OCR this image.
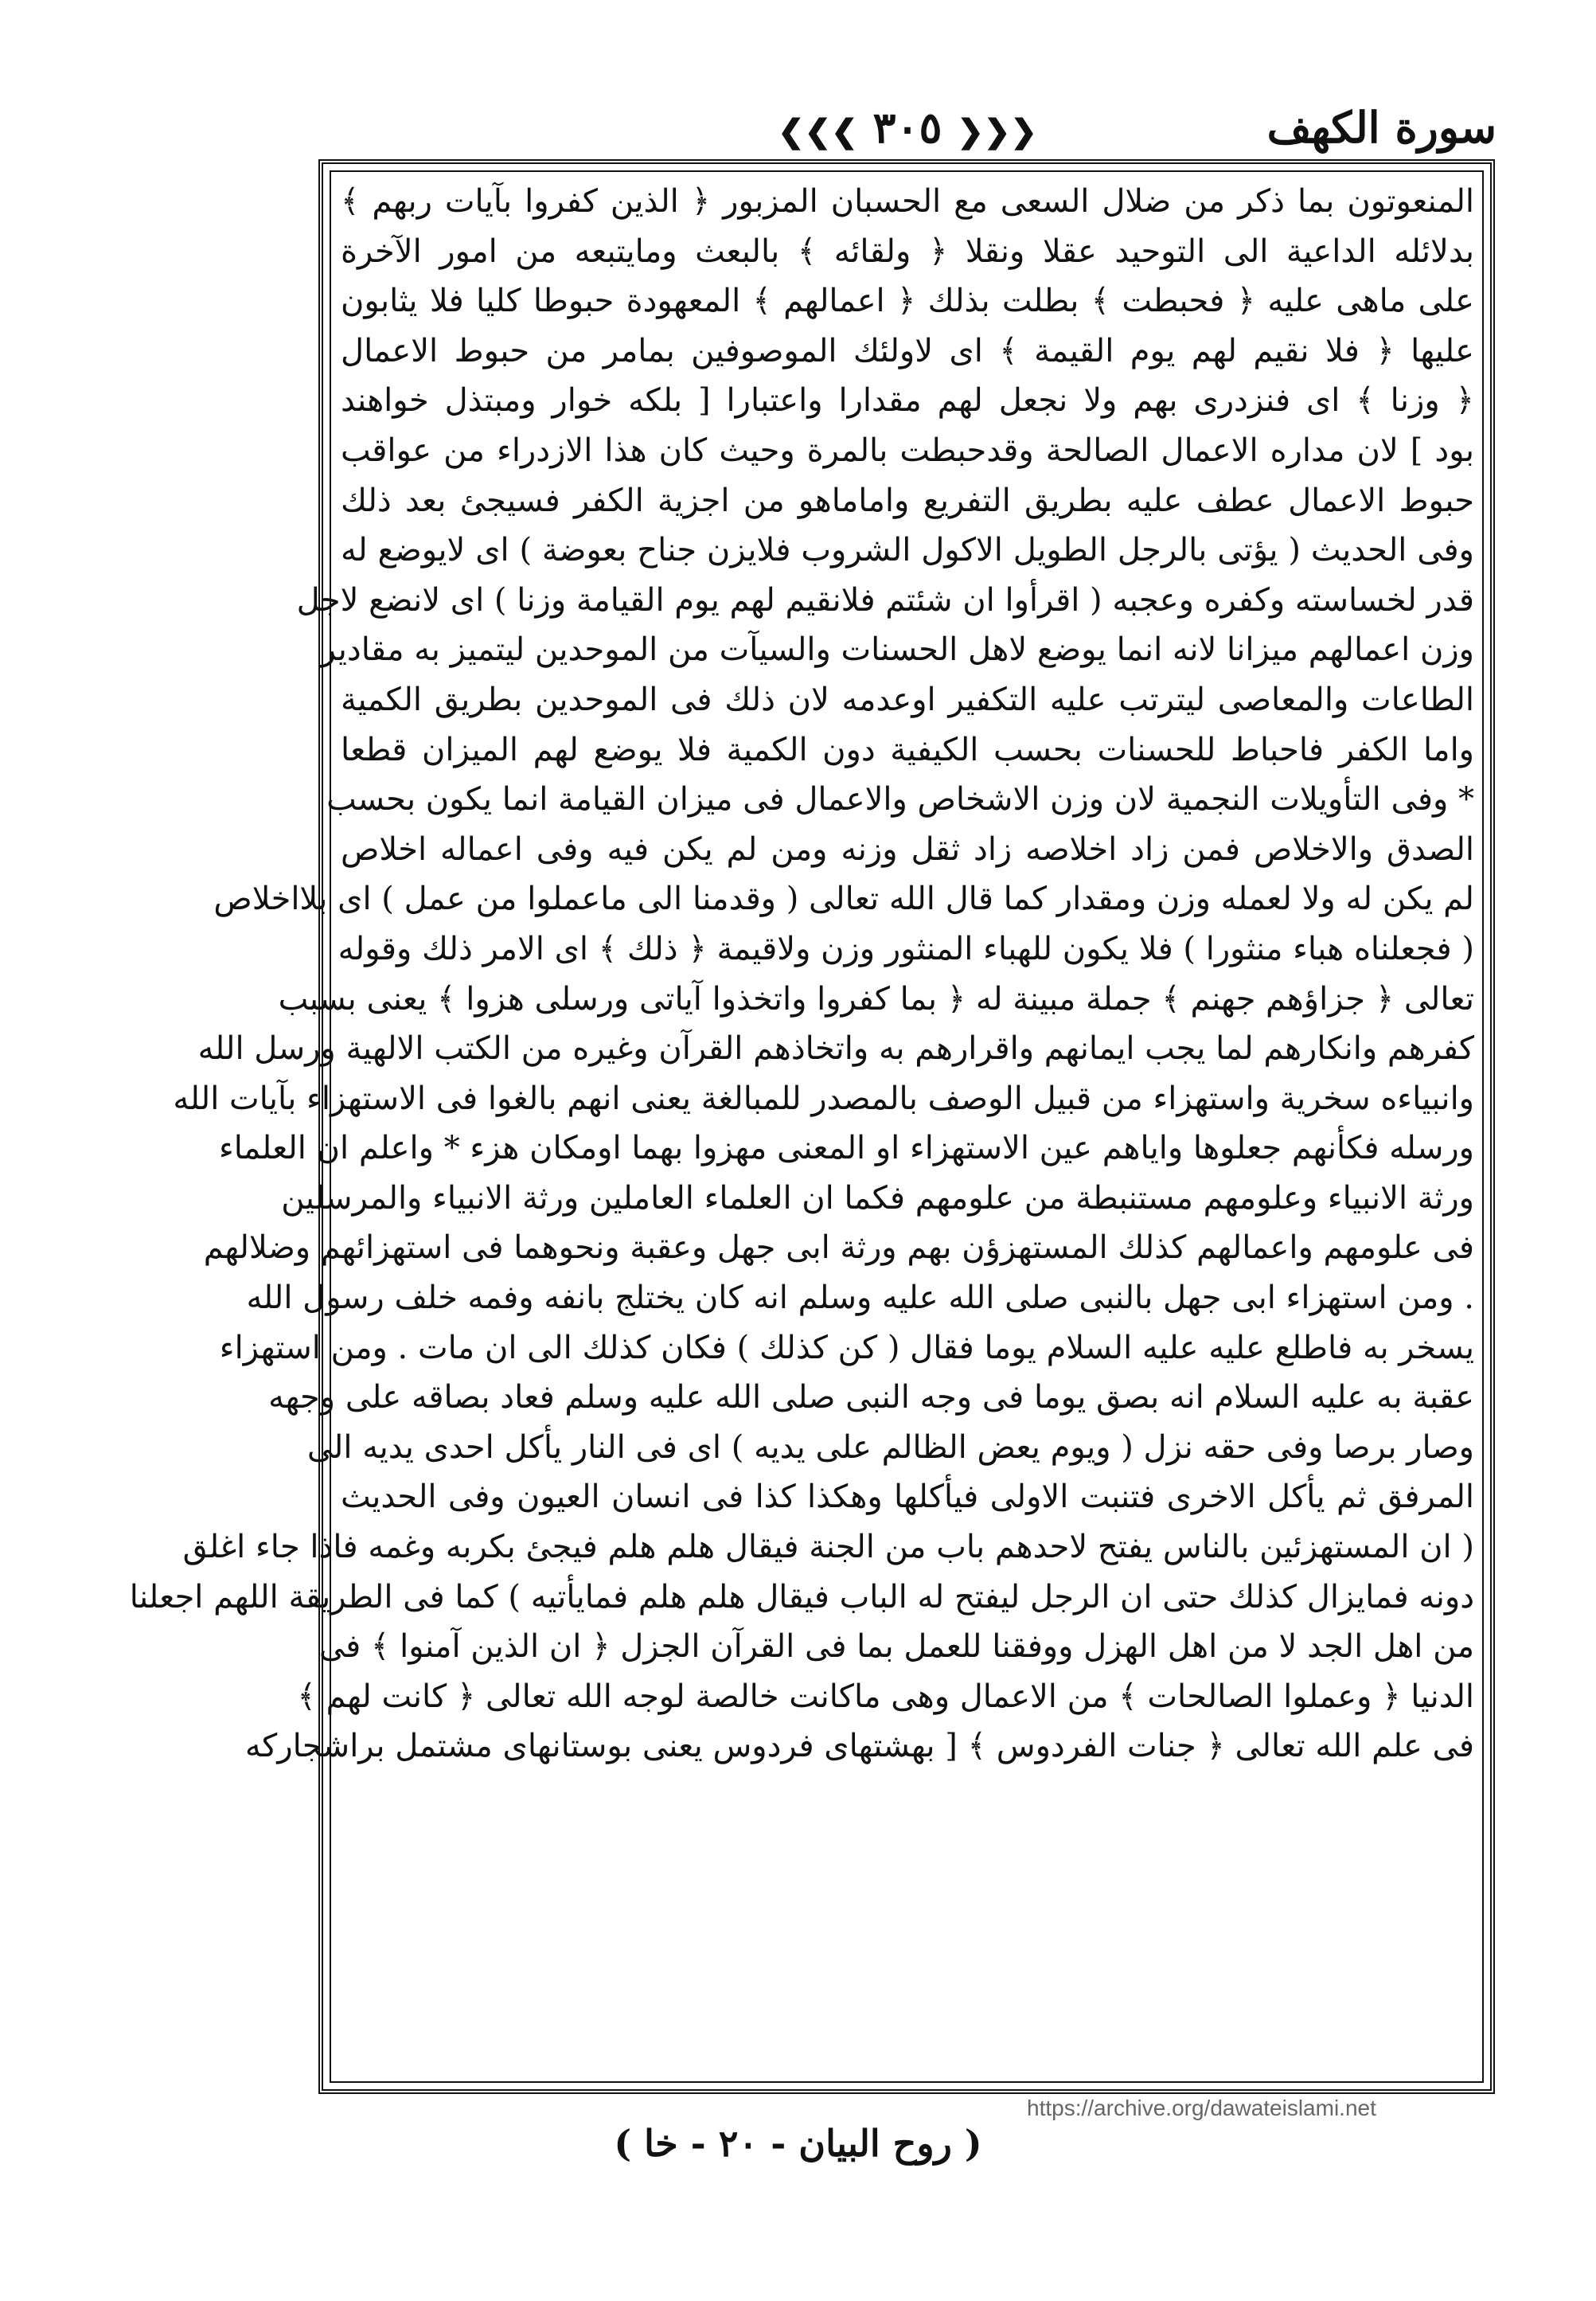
سورة الكهف
❮❮❮ ٣٠٥ ❯❯❯
المنعوتون بما ذكر من ضلال السعى مع الحسبان المزبور ﴿ الذين كفروا بآيات ربهم ﴾
بدلائله الداعية الى التوحيد عقلا ونقلا ﴿ ولقائه ﴾ بالبعث ومايتبعه من امور الآخرة
على ماهى عليه ﴿ فحبطت ﴾ بطلت بذلك ﴿ اعمالهم ﴾ المعهودة حبوطا كليا فلا يثابون
عليها ﴿ فلا نقيم لهم يوم القيمة ﴾ اى لاولئك الموصوفين بمامر من حبوط الاعمال
﴿ وزنا ﴾ اى فنزدرى بهم ولا نجعل لهم مقدارا واعتبارا [ بلكه خوار ومبتذل خواهند
بود ] لان مداره الاعمال الصالحة وقدحبطت بالمرة وحيث كان هذا الازدراء من عواقب
حبوط الاعمال عطف عليه بطريق التفريع واماماهو من اجزية الكفر فسيجئ بعد ذلك
وفى الحديث ( يؤتى بالرجل الطويل الاكول الشروب فلايزن جناح بعوضة ) اى لايوضع له
قدر لخساسته وكفره وعجبه ( اقرأوا ان شئتم فلانقيم لهم يوم القيامة وزنا ) اى لانضع لاجل
وزن اعمالهم ميزانا لانه انما يوضع لاهل الحسنات والسيآت من الموحدين ليتميز به مقادير
الطاعات والمعاصى ليترتب عليه التكفير اوعدمه لان ذلك فى الموحدين بطريق الكمية
واما الكفر فاحباط للحسنات بحسب الكيفية دون الكمية فلا يوضع لهم الميزان قطعا
* وفى التأويلات النجمية لان وزن الاشخاص والاعمال فى ميزان القيامة انما يكون بحسب
الصدق والاخلاص فمن زاد اخلاصه زاد ثقل وزنه ومن لم يكن فيه وفى اعماله اخلاص
لم يكن له ولا لعمله وزن ومقدار كما قال الله تعالى ( وقدمنا الى ماعملوا من عمل ) اى بلااخلاص
( فجعلناه هباء منثورا ) فلا يكون للهباء المنثور وزن ولاقيمة ﴿ ذلك ﴾ اى الامر ذلك وقوله
تعالى ﴿ جزاؤهم جهنم ﴾ جملة مبينة له ﴿ بما كفروا واتخذوا آياتى ورسلى هزوا ﴾ يعنى بسبب
كفرهم وانكارهم لما يجب ايمانهم واقرارهم به واتخاذهم القرآن وغيره من الكتب الالهية ورسل الله
وانبياءه سخرية واستهزاء من قبيل الوصف بالمصدر للمبالغة يعنى انهم بالغوا فى الاستهزاء بآيات الله
ورسله فكأنهم جعلوها واياهم عين الاستهزاء او المعنى مهزوا بهما اومكان هزء * واعلم ان العلماء
ورثة الانبياء وعلومهم مستنبطة من علومهم فكما ان العلماء العاملين ورثة الانبياء والمرسلين
فى علومهم واعمالهم كذلك المستهزؤن بهم ورثة ابى جهل وعقبة ونحوهما فى استهزائهم وضلالهم
. ومن استهزاء ابى جهل بالنبى صلى الله عليه وسلم انه كان يختلج بانفه وفمه خلف رسول الله
يسخر به فاطلع عليه عليه السلام يوما فقال ( كن كذلك ) فكان كذلك الى ان مات . ومن استهزاء
عقبة به عليه السلام انه بصق يوما فى وجه النبى صلى الله عليه وسلم فعاد بصاقه على وجهه
وصار برصا وفى حقه نزل ( ويوم يعض الظالم على يديه ) اى فى النار يأكل احدى يديه الى
المرفق ثم يأكل الاخرى فتنبت الاولى فيأكلها وهكذا كذا فى انسان العيون وفى الحديث
( ان المستهزئين بالناس يفتح لاحدهم باب من الجنة فيقال هلم هلم فيجئ بكربه وغمه فاذا جاء اغلق
دونه فمايزال كذلك حتى ان الرجل ليفتح له الباب فيقال هلم هلم فمايأتيه ) كما فى الطريقة اللهم اجعلنا
من اهل الجد لا من اهل الهزل ووفقنا للعمل بما فى القرآن الجزل ﴿ ان الذين آمنوا ﴾ فى
الدنيا ﴿ وعملوا الصالحات ﴾ من الاعمال وهى ماكانت خالصة لوجه الله تعالى ﴿ كانت لهم ﴾
فى علم الله تعالى ﴿ جنات الفردوس ﴾ [ بهشتهاى فردوس يعنى بوستانهاى مشتمل براشجاركه
https://archive.org/dawateislami.net
( روح البيان - ٢٠ - خا )
